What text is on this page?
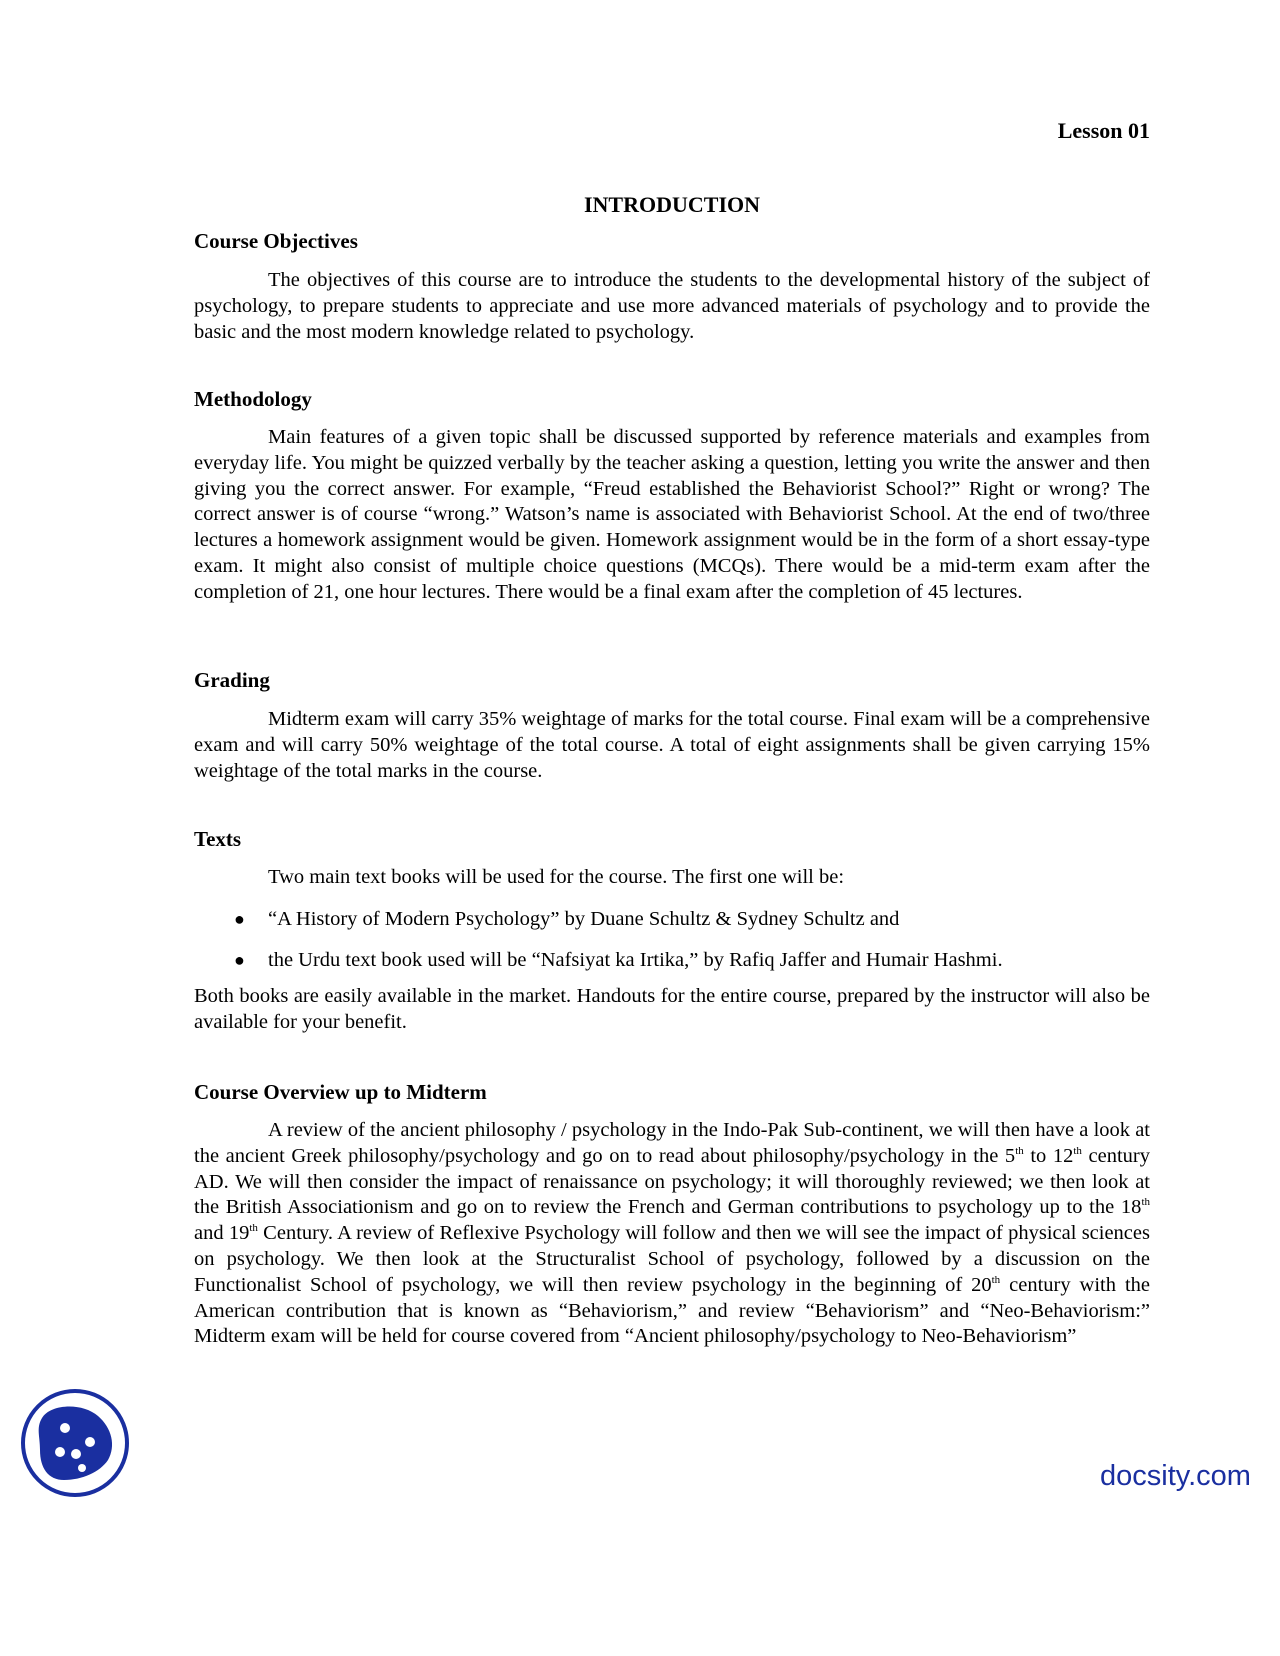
Lesson 01
INTRODUCTION
Course Objectives
The objectives of this course are to introduce the students to the developmental history of the subject of psychology, to prepare students to appreciate and use more advanced materials of psychology and to provide the basic and the most modern knowledge related to psychology.
Methodology
Main features of a given topic shall be discussed supported by reference materials and examples from everyday life. You might be quizzed verbally by the teacher asking a question, letting you write the answer and then giving you the correct answer. For example, “Freud established the Behaviorist School?” Right or wrong? The correct answer is of course “wrong.” Watson’s name is associated with Behaviorist School. At the end of two/three lectures a homework assignment would be given. Homework assignment would be in the form of a short essay-type exam. It might also consist of multiple choice questions (MCQs). There would be a mid-term exam after the completion of 21, one hour lectures. There would be a final exam after the completion of 45 lectures.
Grading
Midterm exam will carry 35% weightage of marks for the total course. Final exam will be a comprehensive exam and will carry 50% weightage of the total course. A total of eight assignments shall be given carrying 15% weightage of the total marks in the course.
Texts
Two main text books will be used for the course. The first one will be:
● “A History of Modern Psychology” by Duane Schultz & Sydney Schultz and
● the Urdu text book used will be “Nafsiyat ka Irtika,” by Rafiq Jaffer and Humair Hashmi.
Both books are easily available in the market. Handouts for the entire course, prepared by the instructor will also be available for your benefit.
Course Overview up to Midterm
A review of the ancient philosophy / psychology in the Indo-Pak Sub-continent, we will then have a look at the ancient Greek philosophy/psychology and go on to read about philosophy/psychology in the 5th to 12th century AD. We will then consider the impact of renaissance on psychology; it will thoroughly reviewed; we then look at the British Associationism and go on to review the French and German contributions to psychology up to the 18th and 19th Century. A review of Reflexive Psychology will follow and then we will see the impact of physical sciences on psychology. We then look at the Structuralist School of psychology, followed by a discussion on the Functionalist School of psychology, we will then review psychology in the beginning of 20th century with the American contribution that is known as “Behaviorism,” and review “Behaviorism” and “Neo-Behaviorism:” Midterm exam will be held for course covered from “Ancient philosophy/psychology to Neo-Behaviorism”
docsity.com
